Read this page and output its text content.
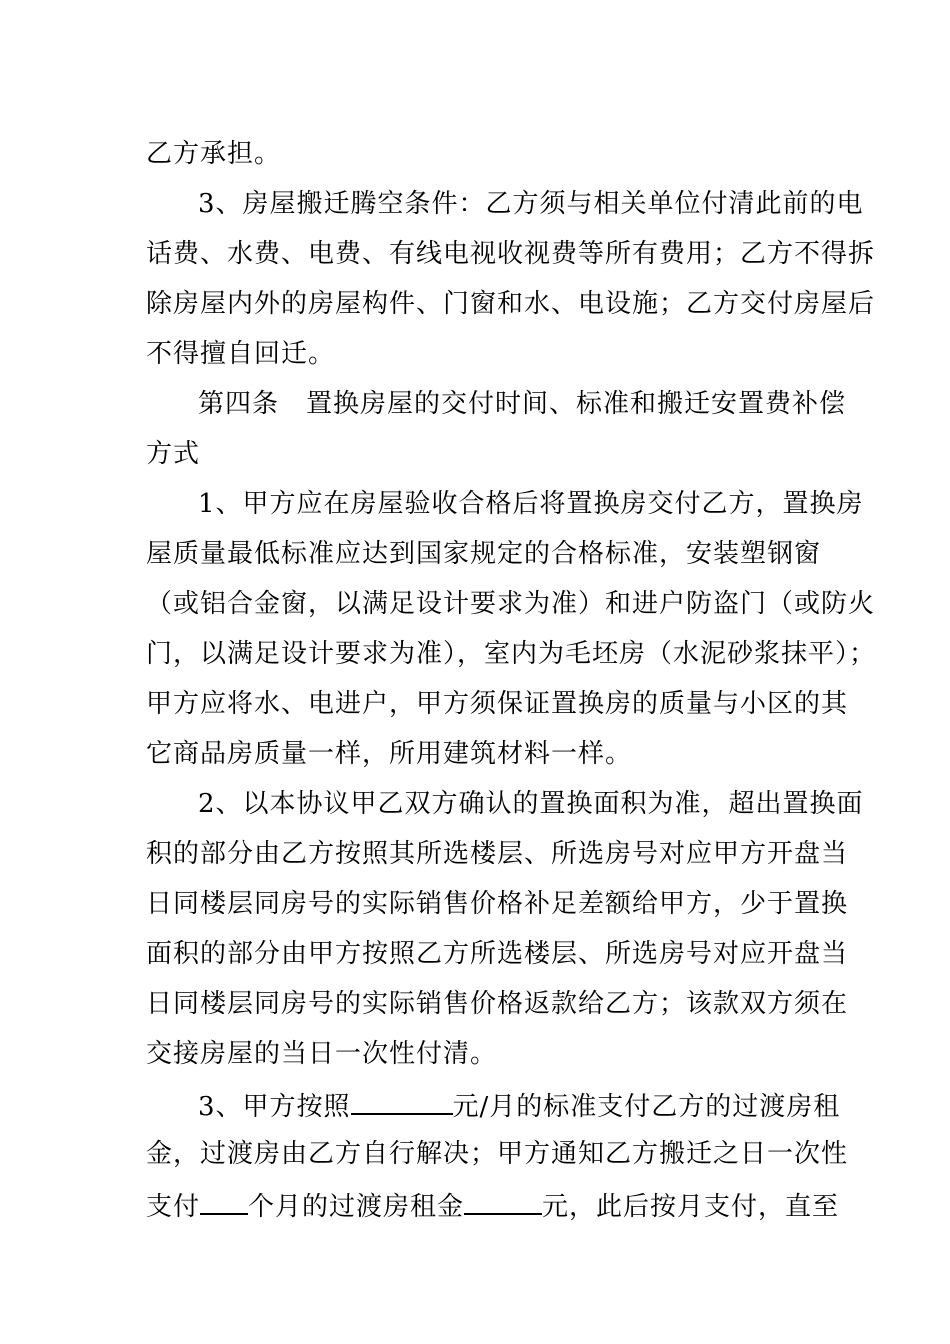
乙方承担。
3、房屋搬迁腾空条件：乙方须与相关单位付清此前的电
话费、水费、电费、有线电视收视费等所有费用；乙方不得拆
除房屋内外的房屋构件、门窗和水、电设施；乙方交付房屋后
不得擅自回迁。
第四条　置换房屋的交付时间、标准和搬迁安置费补偿
方式
1、甲方应在房屋验收合格后将置换房交付乙方，置换房
屋质量最低标准应达到国家规定的合格标准，安装塑钢窗
（或铝合金窗，以满足设计要求为准）和进户防盗门（或防火
门，以满足设计要求为准），室内为毛坯房（水泥砂浆抹平）；
甲方应将水、电进户，甲方须保证置换房的质量与小区的其
它商品房质量一样，所用建筑材料一样。
2、以本协议甲乙双方确认的置换面积为准，超出置换面
积的部分由乙方按照其所选楼层、所选房号对应甲方开盘当
日同楼层同房号的实际销售价格补足差额给甲方，少于置换
面积的部分由甲方按照乙方所选楼层、所选房号对应开盘当
日同楼层同房号的实际销售价格返款给乙方；该款双方须在
交接房屋的当日一次性付清。
3、甲方按照	元/月的标准支付乙方的过渡房租
金，过渡房由乙方自行解决；甲方通知乙方搬迁之日一次性
支付 个月的过渡房租金	元，此后按月支付，直至
